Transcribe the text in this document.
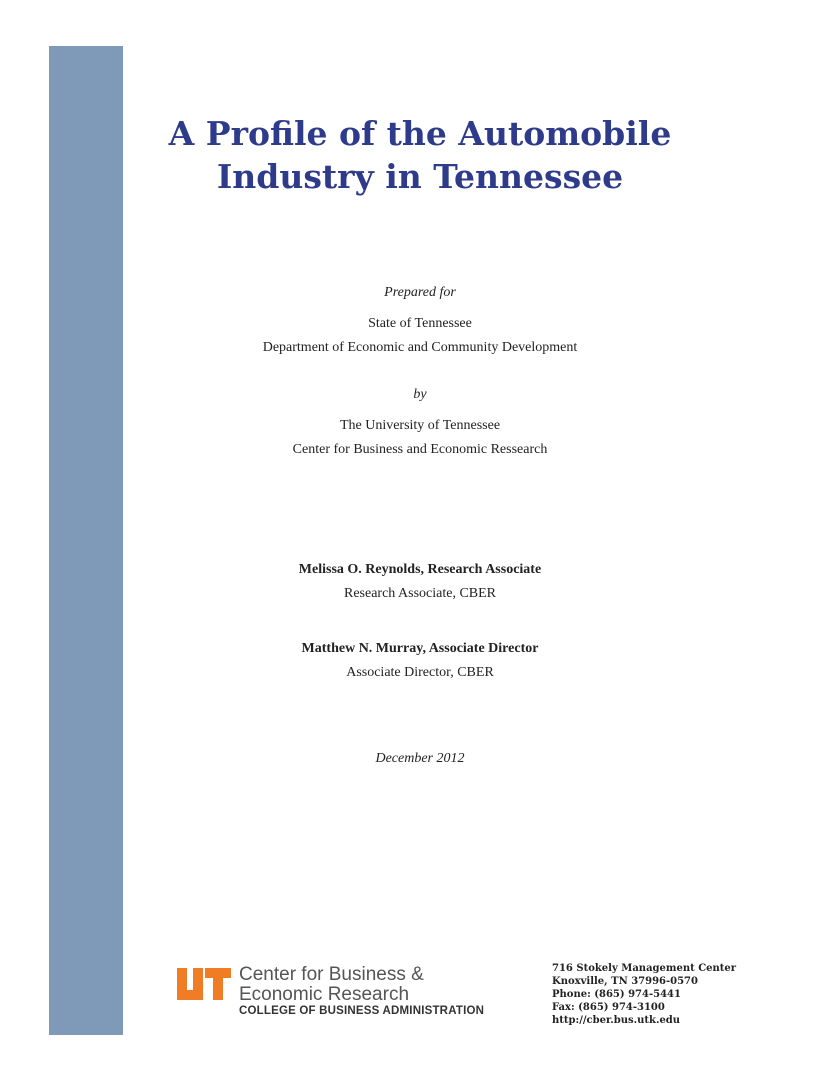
A Profile of the Automobile
Industry in Tennessee
Prepared for
State of Tennessee
Department of Economic and Community Development
by
The University of Tennessee
Center for Business and Economic Ressearch
Melissa O. Reynolds, Research Associate
Research Associate, CBER
Matthew N. Murray, Associate Director
Associate Director, CBER
December 2012
Center for Business &
Economic Research
COLLEGE OF BUSINESS ADMINISTRATION
716 Stokely Management Center
Knoxville, TN 37996-0570
Phone: (865) 974-5441
Fax: (865) 974-3100
http://cber.bus.utk.edu
